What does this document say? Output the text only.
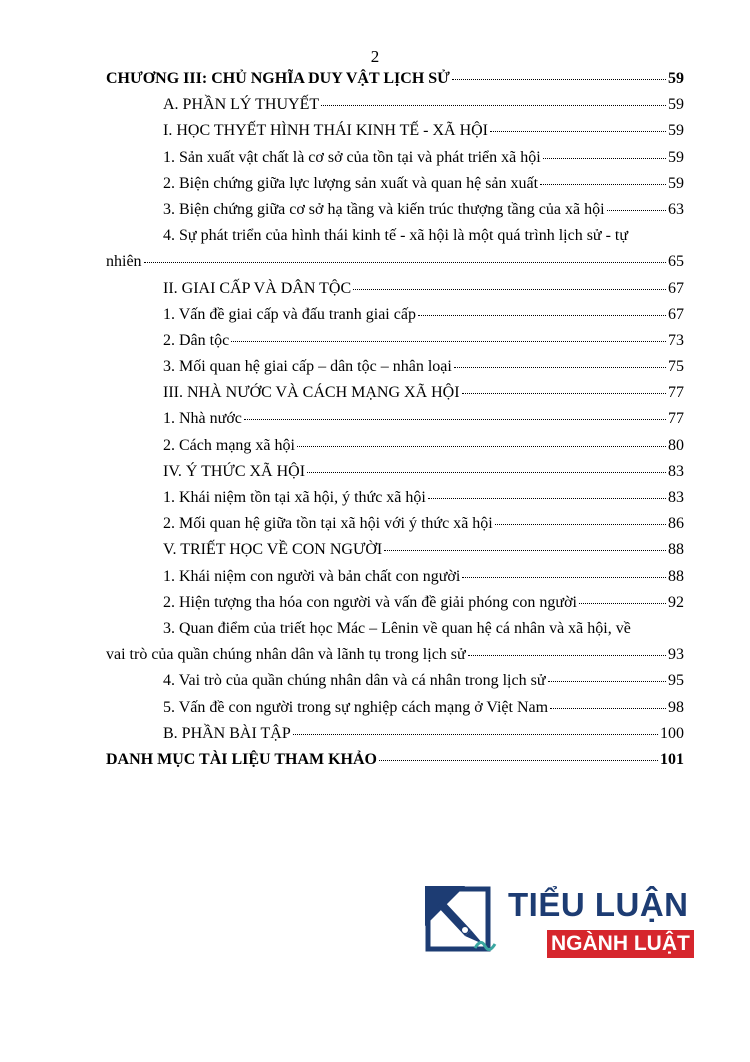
2
CHƯƠNG III: CHỦ NGHĨA DUY VẬT LỊCH SỬ	59
A. PHẦN LÝ THUYẾT	59
I. HỌC THYẾT HÌNH THÁI KINH TẾ - XÃ HỘI	59
1. Sản xuất vật chất là cơ sở của tồn tại và phát triển xã hội	59
2. Biện chứng giữa lực lượng sản xuất và quan hệ sản xuất	59
3. Biện chứng giữa cơ sở hạ tầng và kiến trúc thượng tầng của xã hội	63
4. Sự phát triển của hình thái kinh tế - xã hội là một quá trình lịch sử - tự
nhiên	65
II. GIAI CẤP VÀ DÂN TỘC	67
1. Vấn đề giai cấp và đấu tranh giai cấp	67
2. Dân tộc	73
3. Mối quan hệ giai cấp – dân tộc – nhân loại	75
III. NHÀ NƯỚC VÀ CÁCH MẠNG XÃ HỘI	77
1. Nhà nước	77
2. Cách mạng xã hội	80
IV. Ý THỨC XÃ HỘI	83
1. Khái niệm tồn tại xã hội, ý thức xã hội	83
2. Mối quan hệ giữa tồn tại xã hội với ý thức xã hội	86
V. TRIẾT HỌC VỀ CON NGƯỜI	88
1. Khái niệm con người và bản chất con người	88
2. Hiện tượng tha hóa con người và vấn đề giải phóng con người	92
3. Quan điểm của triết học Mác – Lênin về quan hệ cá nhân và xã hội, về
vai trò của quần chúng nhân dân và lãnh tụ trong lịch sử	93
4. Vai trò của quần chúng nhân dân và cá nhân trong lịch sử	95
5. Vấn đề con người trong sự nghiệp cách mạng ở Việt Nam	98
B. PHẦN BÀI TẬP	100
DANH MỤC TÀI LIỆU THAM KHẢO	101
TIỂU LUẬN
NGÀNH LUẬT
